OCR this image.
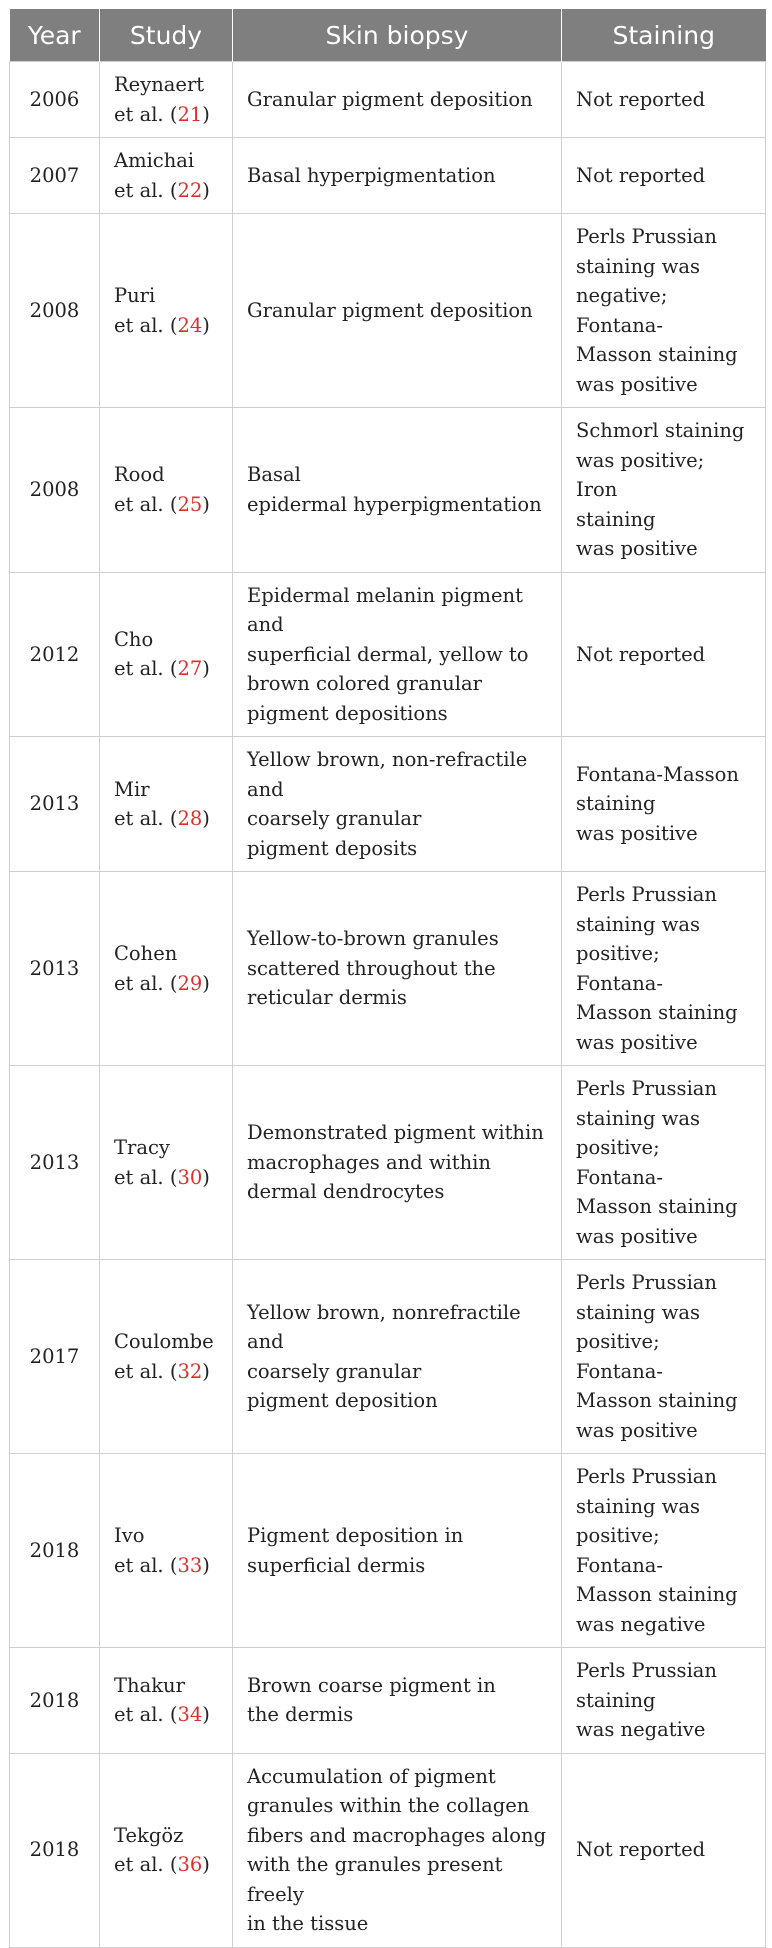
Year	Study	Skin biopsy	Staining
2006	Reynaert
et al. (21)	Granular pigment deposition	Not reported

2007	Amichai
et al. (22)	Basal hyperpigmentation	Not reported

2008	Puri
et al. (24)	Granular pigment deposition	Perls Prussian
staining was
negative; Fontana-
Masson staining
was positive

2008	Rood
et al. (25)	Basal
epidermal hyperpigmentation	Schmorl staining
was positive; Iron
staining
was positive

2012	Cho
et al. (27)	Epidermal melanin pigment and
superficial dermal, yellow to
brown colored granular
pigment depositions	Not reported

2013	Mir
et al. (28)	Yellow brown, non-refractile and
coarsely granular
pigment deposits	Fontana-Masson
staining
was positive

2013	Cohen
et al. (29)	Yellow-to-brown granules
scattered throughout the
reticular dermis	Perls Prussian
staining was
positive; Fontana-
Masson staining
was positive

2013	Tracy
et al. (30)	Demonstrated pigment within
macrophages and within
dermal dendrocytes	Perls Prussian
staining was
positive; Fontana-
Masson staining
was positive

2017	Coulombe
et al. (32)	Yellow brown, nonrefractile and
coarsely granular
pigment deposition	Perls Prussian
staining was
positive; Fontana-
Masson staining
was positive

2018	Ivo
et al. (33)	Pigment deposition in
superficial dermis	Perls Prussian
staining was
positive; Fontana-
Masson staining
was negative

2018	Thakur
et al. (34)	Brown coarse pigment in
the dermis	Perls Prussian
staining
was negative

2018	Tekgöz
et al. (36)	Accumulation of pigment
granules within the collagen
fibers and macrophages along
with the granules present freely
in the tissue	Not reported
